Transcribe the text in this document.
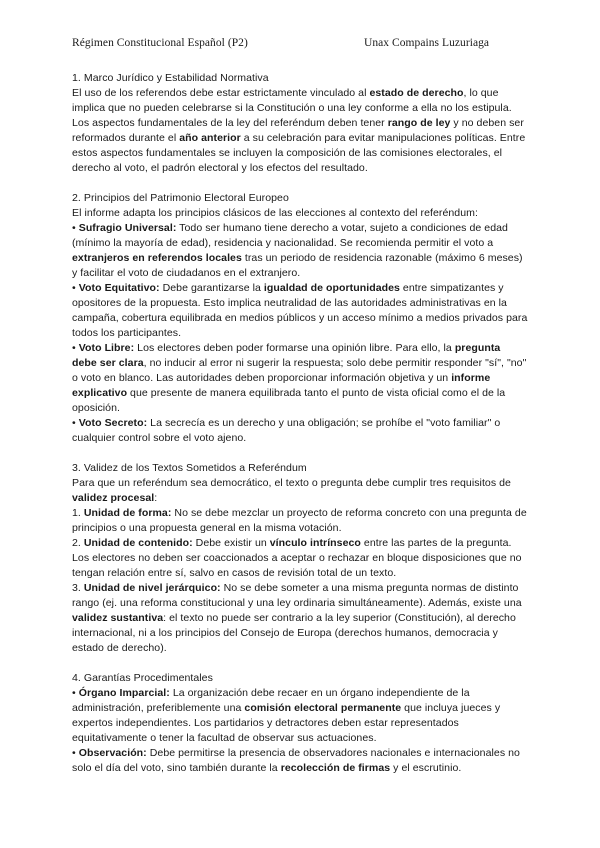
Régimen Constitucional Español (P2)	Unax Compains Luzuriaga
1. Marco Jurídico y Estabilidad Normativa

El uso de los referendos debe estar estrictamente vinculado al estado de derecho, lo que implica que no pueden celebrarse si la Constitución o una ley conforme a ella no los estipula. Los aspectos fundamentales de la ley del referéndum deben tener rango de ley y no deben ser reformados durante el año anterior a su celebración para evitar manipulaciones políticas. Entre estos aspectos fundamentales se incluyen la composición de las comisiones electorales, el derecho al voto, el padrón electoral y los efectos del resultado.

2. Principios del Patrimonio Electoral Europeo

El informe adapta los principios clásicos de las elecciones al contexto del referéndum:

• Sufragio Universal: Todo ser humano tiene derecho a votar, sujeto a condiciones de edad (mínimo la mayoría de edad), residencia y nacionalidad. Se recomienda permitir el voto a extranjeros en referendos locales tras un periodo de residencia razonable (máximo 6 meses) y facilitar el voto de ciudadanos en el extranjero.

• Voto Equitativo: Debe garantizarse la igualdad de oportunidades entre simpatizantes y opositores de la propuesta. Esto implica neutralidad de las autoridades administrativas en la campaña, cobertura equilibrada en medios públicos y un acceso mínimo a medios privados para todos los participantes.

• Voto Libre: Los electores deben poder formarse una opinión libre. Para ello, la pregunta debe ser clara, no inducir al error ni sugerir la respuesta; solo debe permitir responder "sí", "no" o voto en blanco. Las autoridades deben proporcionar información objetiva y un informe explicativo que presente de manera equilibrada tanto el punto de vista oficial como el de la oposición.

• Voto Secreto: La secrecía es un derecho y una obligación; se prohíbe el "voto familiar" o cualquier control sobre el voto ajeno.

3. Validez de los Textos Sometidos a Referéndum

Para que un referéndum sea democrático, el texto o pregunta debe cumplir tres requisitos de validez procesal:

1. Unidad de forma: No se debe mezclar un proyecto de reforma concreto con una pregunta de principios o una propuesta general en la misma votación.

2. Unidad de contenido: Debe existir un vínculo intrínseco entre las partes de la pregunta. Los electores no deben ser coaccionados a aceptar o rechazar en bloque disposiciones que no tengan relación entre sí, salvo en casos de revisión total de un texto.

3. Unidad de nivel jerárquico: No se debe someter a una misma pregunta normas de distinto rango (ej. una reforma constitucional y una ley ordinaria simultáneamente). Además, existe una validez sustantiva: el texto no puede ser contrario a la ley superior (Constitución), al derecho internacional, ni a los principios del Consejo de Europa (derechos humanos, democracia y estado de derecho).

4. Garantías Procedimentales

• Órgano Imparcial: La organización debe recaer en un órgano independiente de la administración, preferiblemente una comisión electoral permanente que incluya jueces y expertos independientes. Los partidarios y detractores deben estar representados equitativamente o tener la facultad de observar sus actuaciones.

• Observación: Debe permitirse la presencia de observadores nacionales e internacionales no solo el día del voto, sino también durante la recolección de firmas y el escrutinio.
